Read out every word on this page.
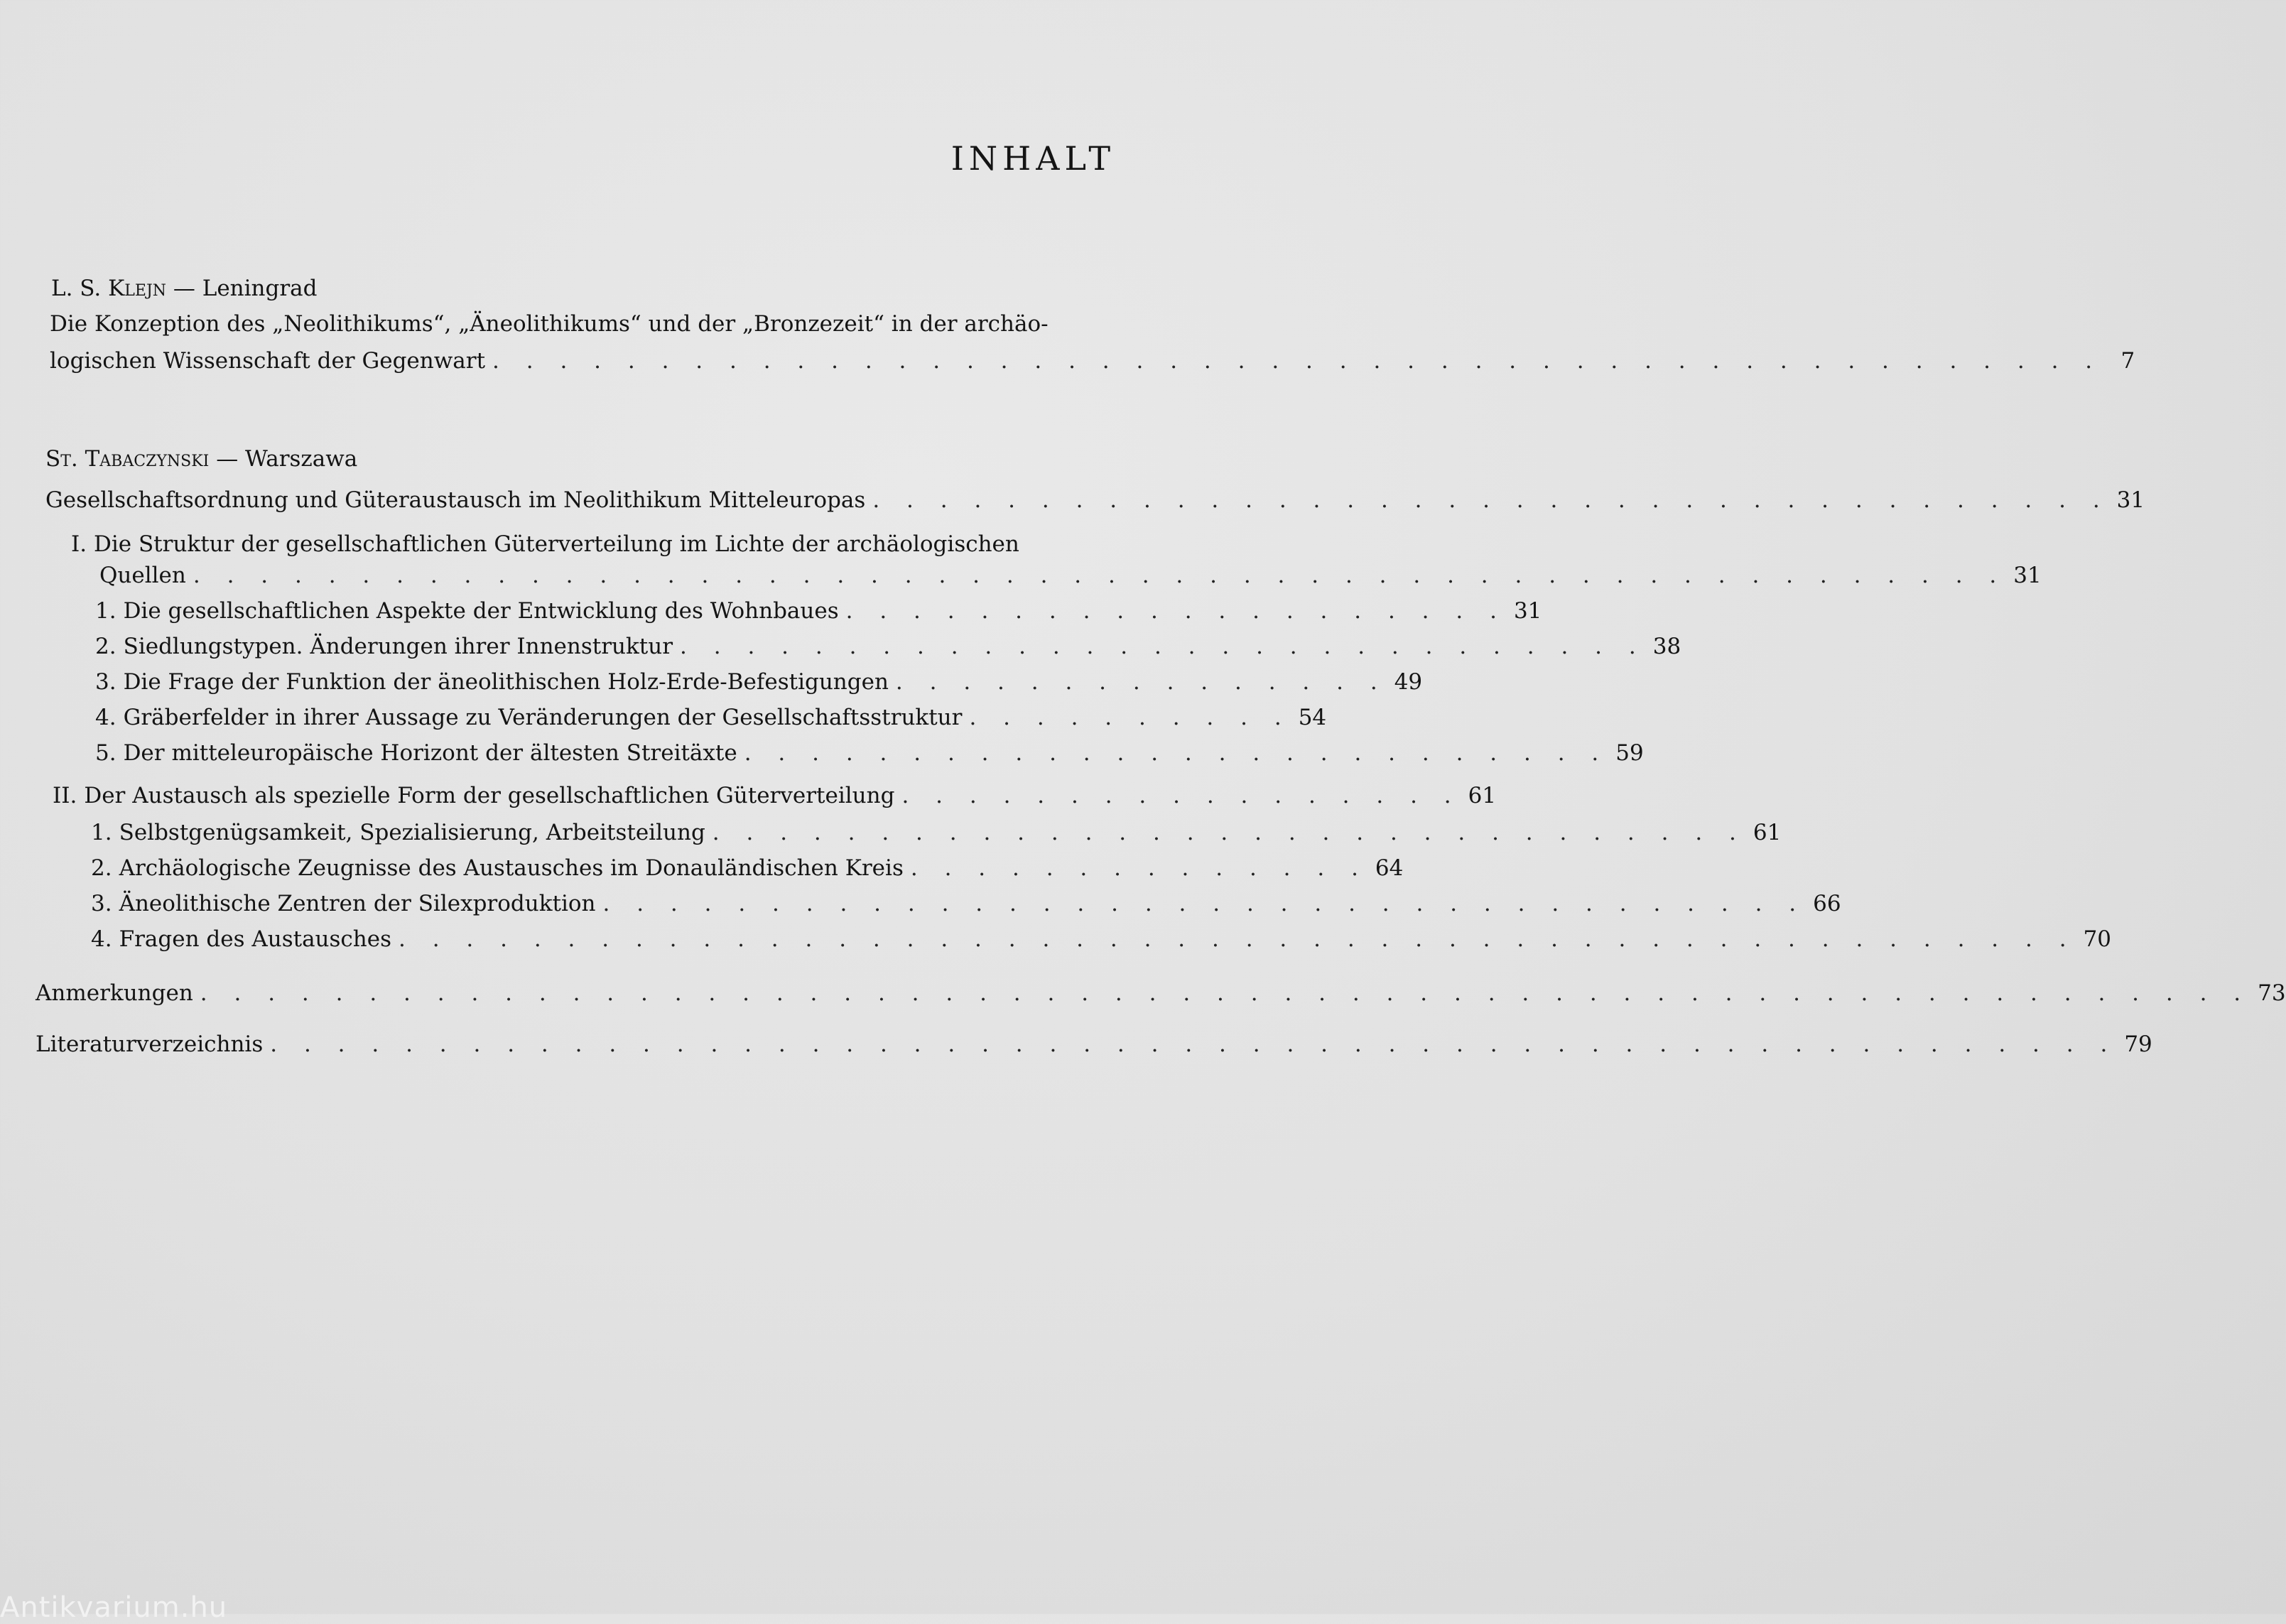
INHALT
L. S. Klejn — Leningrad
Die Konzeption des „Neolithikums“, „Äneolithikums“ und der „Bronzezeit“ in der archäo-
logischen Wissenschaft der Gegenwart . . . . . . . . . . . . . . . . . . . . . . . . . . . . . . . . . . . . . . . . . . . . . . . . 7
St. Tabaczynski — Warszawa
Gesellschaftsordnung und Güteraustausch im Neolithikum Mitteleuropas . . . . . . . . . . . . . . . . . . . . . . . . . . . . . . . . . . . . . 31
I. Die Struktur der gesellschaftlichen Güterverteilung im Lichte der archäologischen
Quellen . . . . . . . . . . . . . . . . . . . . . . . . . . . . . . . . . . . . . . . . . . . . . . . . . . . . . . 31
1. Die gesellschaftlichen Aspekte der Entwicklung des Wohnbaues . . . . . . . . . . . . . . . . . . . . 31
2. Siedlungstypen. Änderungen ihrer Innenstruktur . . . . . . . . . . . . . . . . . . . . . . . . . . . . . 38
3. Die Frage der Funktion der äneolithischen Holz-Erde-Befestigungen . . . . . . . . . . . . . . . 49
4. Gräberfelder in ihrer Aussage zu Veränderungen der Gesellschaftsstruktur . . . . . . . . . . 54
5. Der mitteleuropäische Horizont der ältesten Streitäxte . . . . . . . . . . . . . . . . . . . . . . . . . . 59
II. Der Austausch als spezielle Form der gesellschaftlichen Güterverteilung . . . . . . . . . . . . . . . . . 61
1. Selbstgenügsamkeit, Spezialisierung, Arbeitsteilung . . . . . . . . . . . . . . . . . . . . . . . . . . . . . . . 61
2. Archäologische Zeugnisse des Austausches im Donauländischen Kreis . . . . . . . . . . . . . . 64
3. Äneolithische Zentren der Silexproduktion . . . . . . . . . . . . . . . . . . . . . . . . . . . . . . . . . . . . 66
4. Fragen des Austausches . . . . . . . . . . . . . . . . . . . . . . . . . . . . . . . . . . . . . . . . . . . . . . . . . . 70
Anmerkungen . . . . . . . . . . . . . . . . . . . . . . . . . . . . . . . . . . . . . . . . . . . . . . . . . . . . . . . . . . . . . 73
Literaturverzeichnis . . . . . . . . . . . . . . . . . . . . . . . . . . . . . . . . . . . . . . . . . . . . . . . . . . . . . . . 79
Antikvarium.hu
